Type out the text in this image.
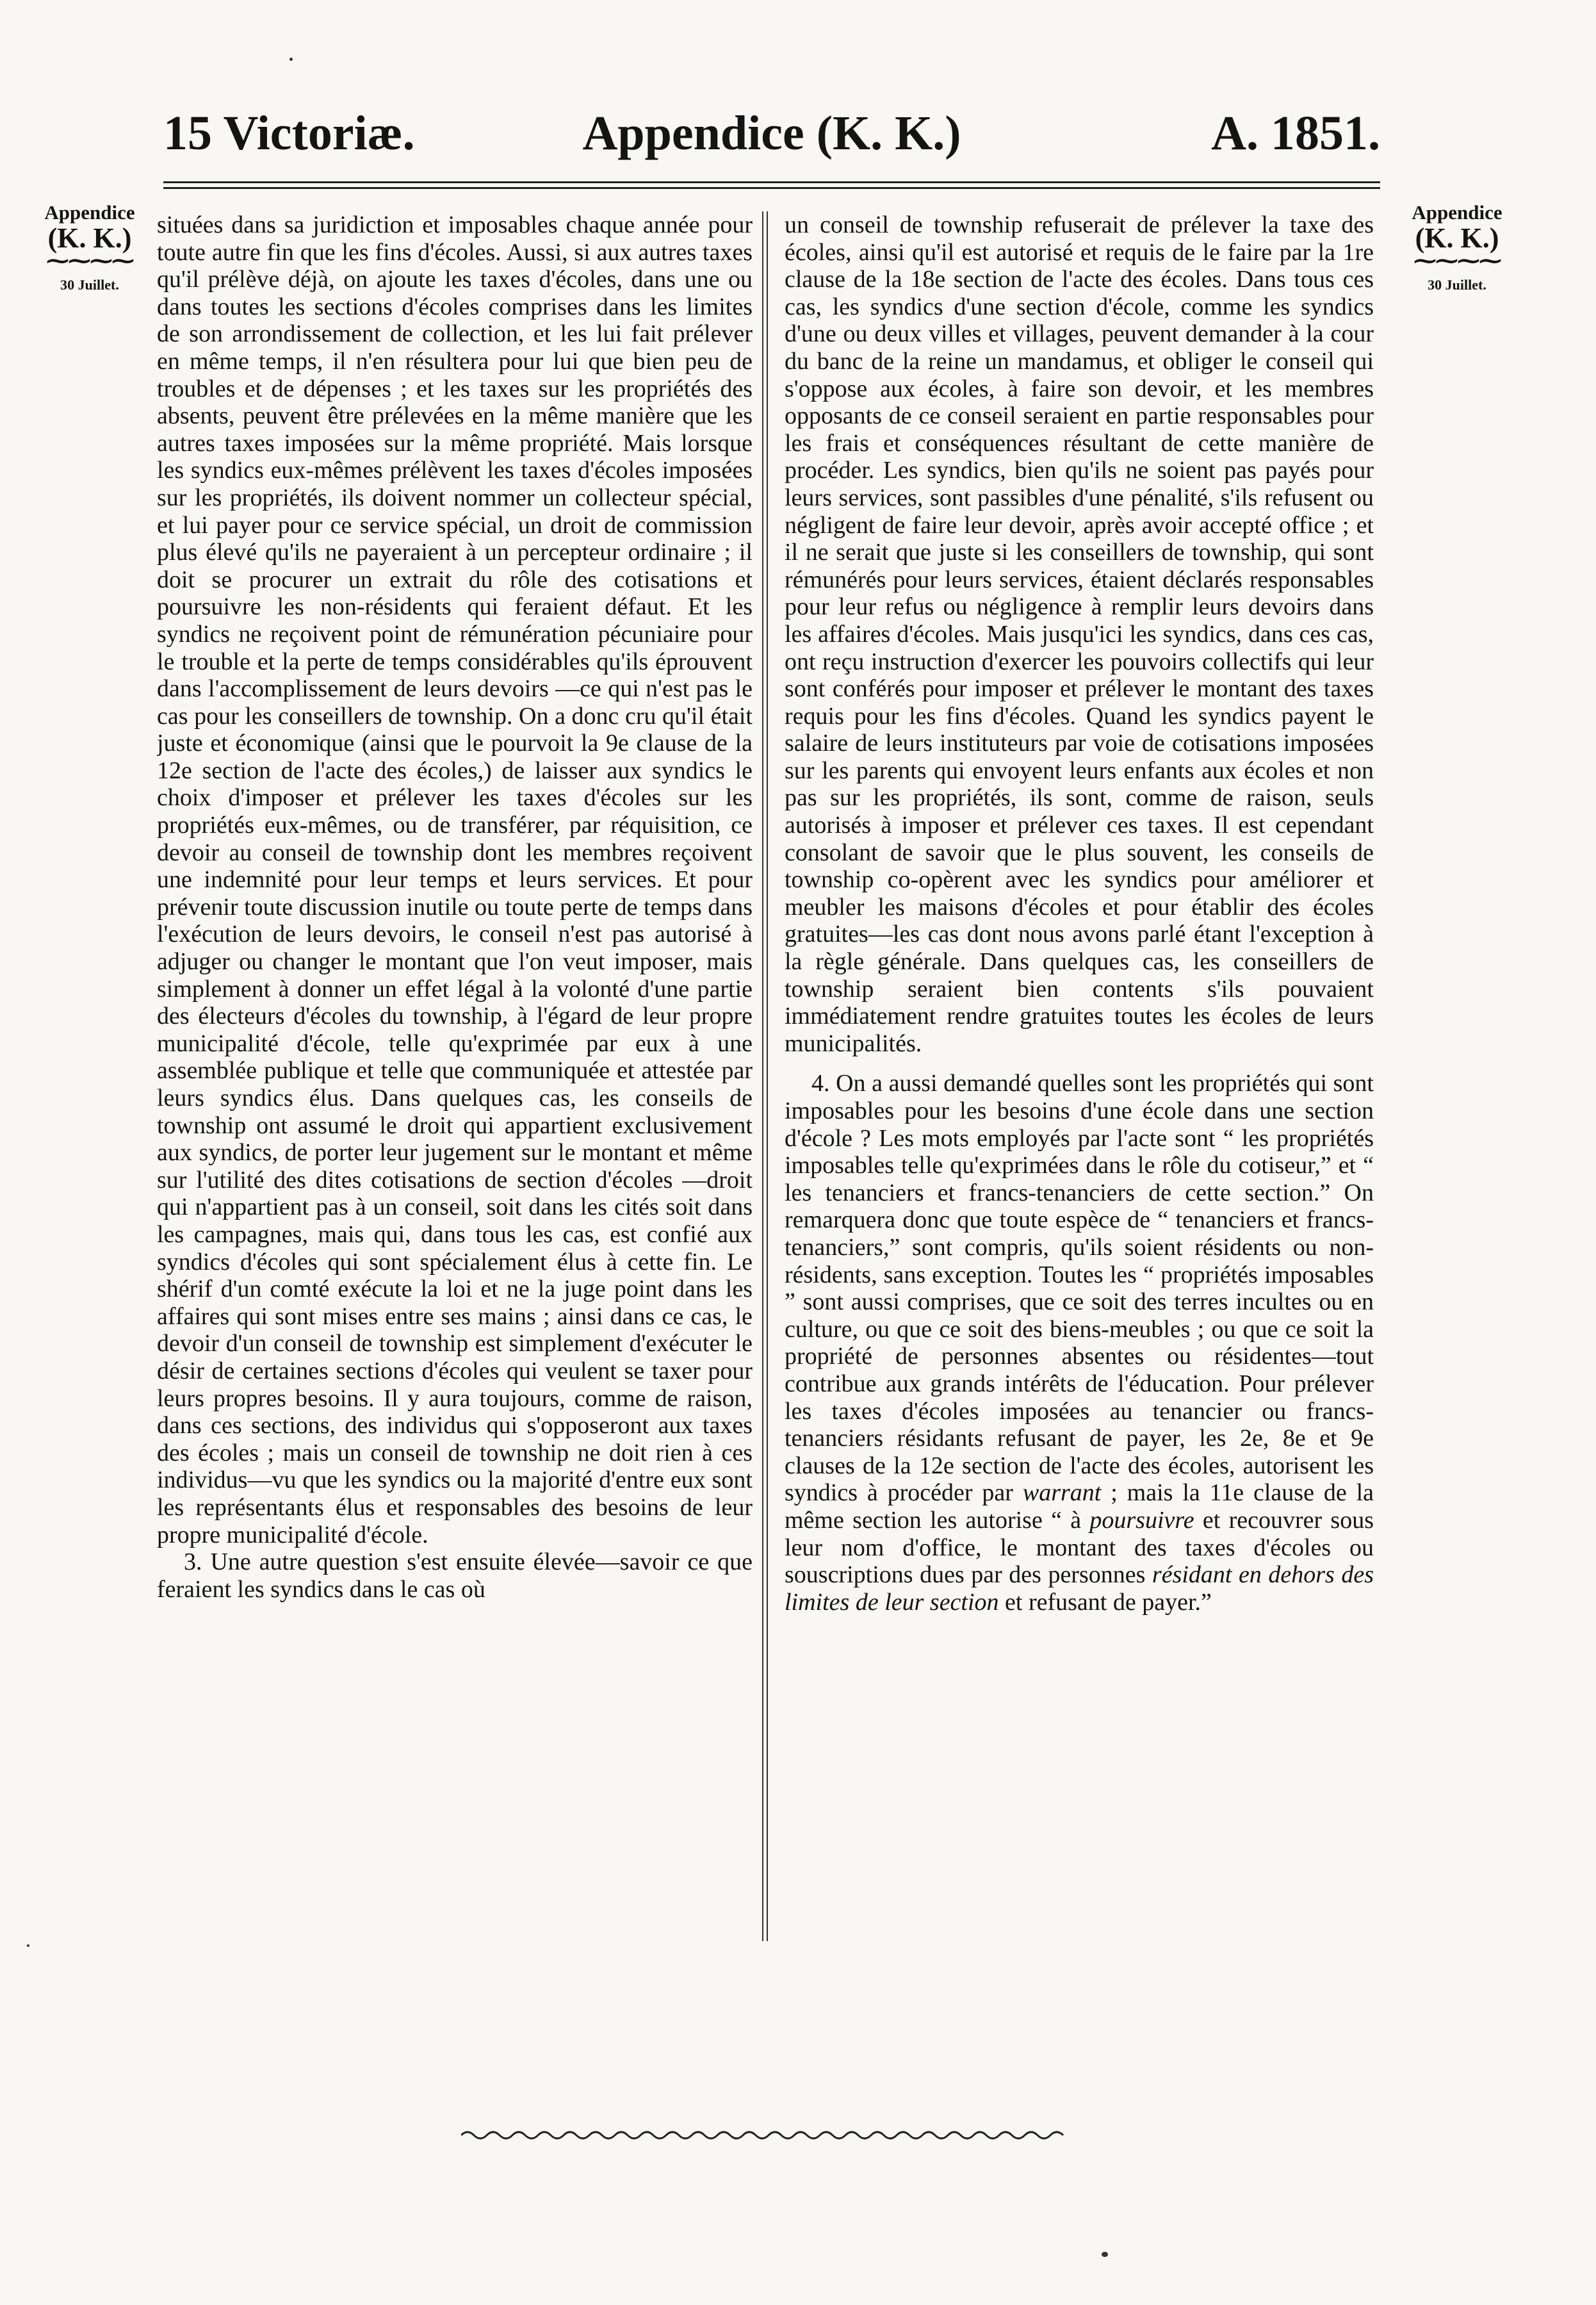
15 Victoriæ.	Appendice (K. K.)	A. 1851.
Appendice
(K. K.)
⁓⁓⁓⁓
30 Juillet.
Appendice
(K. K.)
⁓⁓⁓⁓
30 Juillet.

situées dans sa juridiction et imposables chaque année pour toute autre fin que les fins d'écoles. Aussi, si aux autres taxes qu'il prélève déjà, on ajoute les taxes d'écoles, dans une ou dans toutes les sections d'écoles comprises dans les limites de son arrondissement de collection, et les lui fait prélever en même temps, il n'en résultera pour lui que bien peu de troubles et de dépenses ; et les taxes sur les propriétés des absents, peuvent être prélevées en la même manière que les autres taxes imposées sur la même propriété. Mais lorsque les syndics eux-mêmes prélèvent les taxes d'écoles imposées sur les propriétés, ils doivent nommer un collecteur spécial, et lui payer pour ce service spécial, un droit de commission plus élevé qu'ils ne payeraient à un percepteur ordinaire ; il doit se procurer un extrait du rôle des cotisations et poursuivre les non-résidents qui feraient défaut. Et les syndics ne reçoivent point de rémunération pécuniaire pour le trouble et la perte de temps considérables qu'ils éprouvent dans l'accomplissement de leurs devoirs —ce qui n'est pas le cas pour les conseillers de township. On a donc cru qu'il était juste et économique (ainsi que le pourvoit la 9e clause de la 12e section de l'acte des écoles,) de laisser aux syndics le choix d'imposer et prélever les taxes d'écoles sur les propriétés eux-mêmes, ou de transférer, par réquisition, ce devoir au conseil de township dont les membres reçoivent une indemnité pour leur temps et leurs services. Et pour prévenir toute discussion inutile ou toute perte de temps dans l'exécution de leurs devoirs, le conseil n'est pas autorisé à adjuger ou changer le montant que l'on veut imposer, mais simplement à donner un effet légal à la volonté d'une partie des électeurs d'écoles du township, à l'égard de leur propre municipalité d'école, telle qu'exprimée par eux à une assemblée publique et telle que communiquée et attestée par leurs syndics élus. Dans quelques cas, les conseils de township ont assumé le droit qui appartient exclusivement aux syndics, de porter leur jugement sur le montant et même sur l'utilité des dites cotisations de section d'écoles —droit qui n'appartient pas à un conseil, soit dans les cités soit dans les campagnes, mais qui, dans tous les cas, est confié aux syndics d'écoles qui sont spécialement élus à cette fin. Le shérif d'un comté exécute la loi et ne la juge point dans les affaires qui sont mises entre ses mains ; ainsi dans ce cas, le devoir d'un conseil de township est simplement d'exécuter le désir de certaines sections d'écoles qui veulent se taxer pour leurs propres besoins. Il y aura toujours, comme de raison, dans ces sections, des individus qui s'opposeront aux taxes des écoles ; mais un conseil de township ne doit rien à ces individus—vu que les syndics ou la majorité d'entre eux sont les représentants élus et responsables des besoins de leur propre municipalité d'école.

3. Une autre question s'est ensuite élevée—savoir ce que feraient les syndics dans le cas où

un conseil de township refuserait de prélever la taxe des écoles, ainsi qu'il est autorisé et requis de le faire par la 1re clause de la 18e section de l'acte des écoles. Dans tous ces cas, les syndics d'une section d'école, comme les syndics d'une ou deux villes et villages, peuvent demander à la cour du banc de la reine un mandamus, et obliger le conseil qui s'oppose aux écoles, à faire son devoir, et les membres opposants de ce conseil seraient en partie responsables pour les frais et conséquences résultant de cette manière de procéder. Les syndics, bien qu'ils ne soient pas payés pour leurs services, sont passibles d'une pénalité, s'ils refusent ou négligent de faire leur devoir, après avoir accepté office ; et il ne serait que juste si les conseillers de township, qui sont rémunérés pour leurs services, étaient déclarés responsables pour leur refus ou négligence à remplir leurs devoirs dans les affaires d'écoles. Mais jusqu'ici les syndics, dans ces cas, ont reçu instruction d'exercer les pouvoirs collectifs qui leur sont conférés pour imposer et prélever le montant des taxes requis pour les fins d'écoles. Quand les syndics payent le salaire de leurs instituteurs par voie de cotisations imposées sur les parents qui envoyent leurs enfants aux écoles et non pas sur les propriétés, ils sont, comme de raison, seuls autorisés à imposer et prélever ces taxes. Il est cependant consolant de savoir que le plus souvent, les conseils de township co-opèrent avec les syndics pour améliorer et meubler les maisons d'écoles et pour établir des écoles gratuites—les cas dont nous avons parlé étant l'exception à la règle générale. Dans quelques cas, les conseillers de township seraient bien contents s'ils pouvaient immédiatement rendre gratuites toutes les écoles de leurs municipalités.

4. On a aussi demandé quelles sont les propriétés qui sont imposables pour les besoins d'une école dans une section d'école ? Les mots employés par l'acte sont “ les propriétés imposables telle qu'exprimées dans le rôle du cotiseur,” et “ les tenanciers et francs-tenanciers de cette section.” On remarquera donc que toute espèce de “ tenanciers et francs-tenanciers,” sont compris, qu'ils soient résidents ou non-résidents, sans exception. Toutes les “ propriétés imposables ” sont aussi comprises, que ce soit des terres incultes ou en culture, ou que ce soit des biens-meubles ; ou que ce soit la propriété de personnes absentes ou résidentes—tout contribue aux grands intérêts de l'éducation. Pour prélever les taxes d'écoles imposées au tenancier ou francs-tenanciers résidants refusant de payer, les 2e, 8e et 9e clauses de la 12e section de l'acte des écoles, autorisent les syndics à procéder par warrant ; mais la 11e clause de la même section les autorise “ à poursuivre et recouvrer sous leur nom d'office, le montant des taxes d'écoles ou souscriptions dues par des personnes résidant en dehors des limites de leur section et refusant de payer.”
